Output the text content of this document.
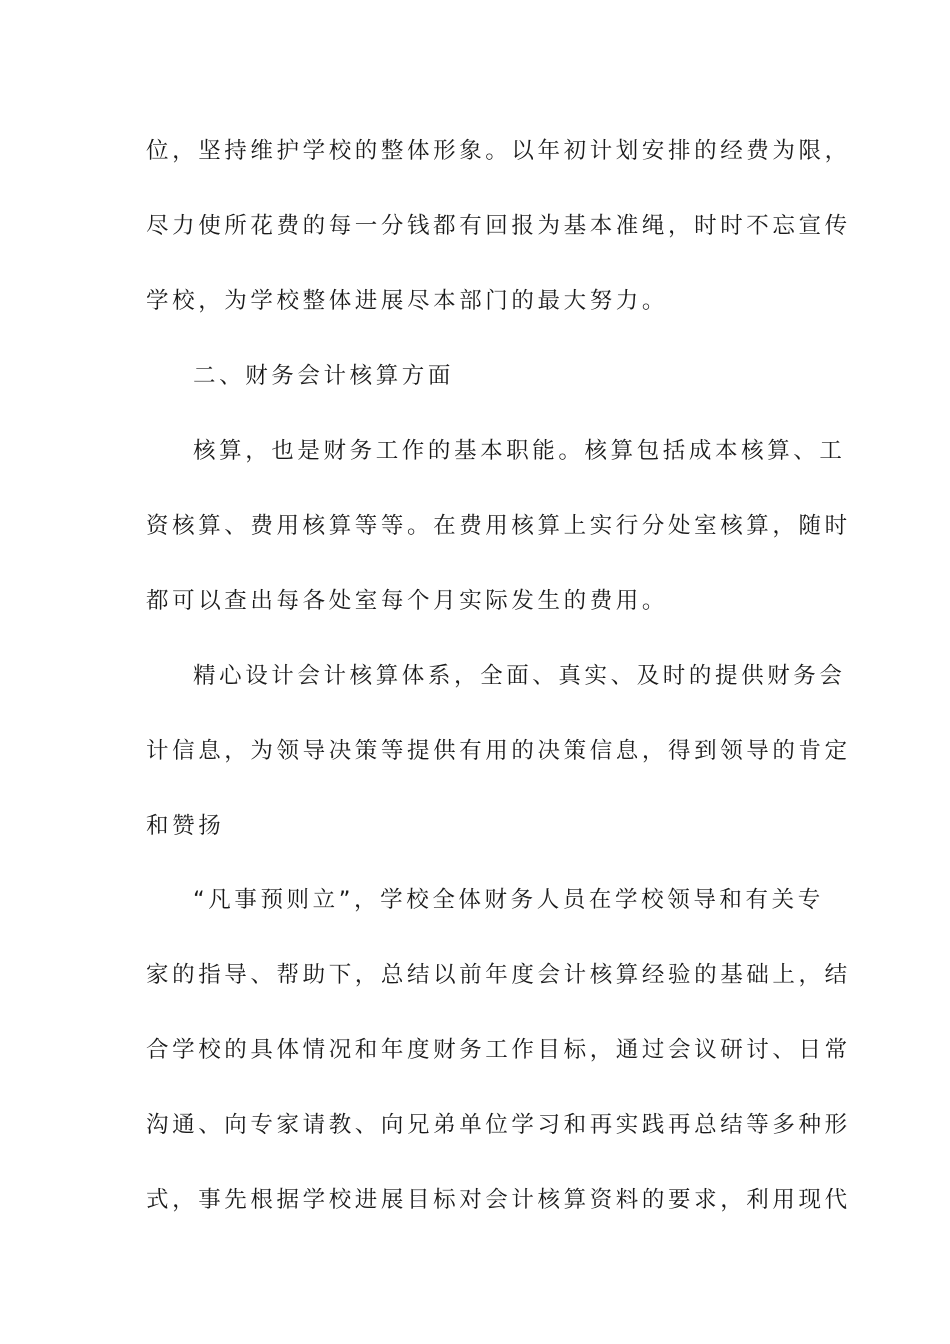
位，坚持维护学校的整体形象。以年初计划安排的经费为限，
尽力使所花费的每一分钱都有回报为基本准绳，时时不忘宣传
学校，为学校整体进展尽本部门的最大努力。
二、财务会计核算方面
核算，也是财务工作的基本职能。核算包括成本核算、工
资核算、费用核算等等。在费用核算上实行分处室核算，随时
都可以查出每各处室每个月实际发生的费用。
精心设计会计核算体系，全面、真实、及时的提供财务会
计信息，为领导决策等提供有用的决策信息，得到领导的肯定
和赞扬
“凡事预则立”，学校全体财务人员在学校领导和有关专
家的指导、帮助下，总结以前年度会计核算经验的基础上，结
合学校的具体情况和年度财务工作目标，通过会议研讨、日常
沟通、向专家请教、向兄弟单位学习和再实践再总结等多种形
式，事先根据学校进展目标对会计核算资料的要求，利用现代
